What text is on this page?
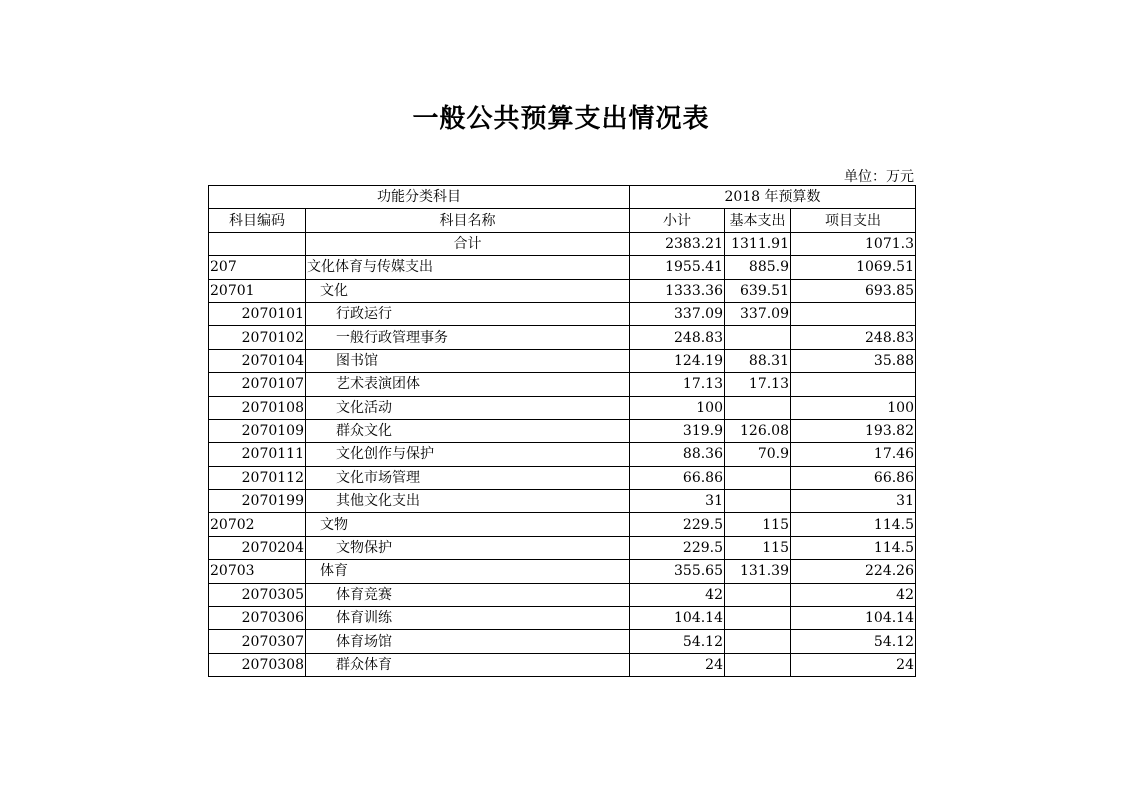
一般公共预算支出情况表
单位：万元
功能分类科目		2018 年预算数		
科目编码	科目名称	小计	基本支出	项目支出
	合计	2383.21	1311.91	1071.3
207	文化体育与传媒支出	1955.41	885.9	1069.51
20701	文化	1333.36	639.51	693.85
2070101	行政运行	337.09	337.09	
2070102	一般行政管理事务	248.83		248.83
2070104	图书馆	124.19	88.31	35.88
2070107	艺术表演团体	17.13	17.13	
2070108	文化活动	100		100
2070109	群众文化	319.9	126.08	193.82
2070111	文化创作与保护	88.36	70.9	17.46
2070112	文化市场管理	66.86		66.86
2070199	其他文化支出	31		31
20702	文物	229.5	115	114.5
2070204	文物保护	229.5	115	114.5
20703	体育	355.65	131.39	224.26
2070305	体育竞赛	42		42
2070306	体育训练	104.14		104.14
2070307	体育场馆	54.12		54.12
2070308	群众体育	24		24
